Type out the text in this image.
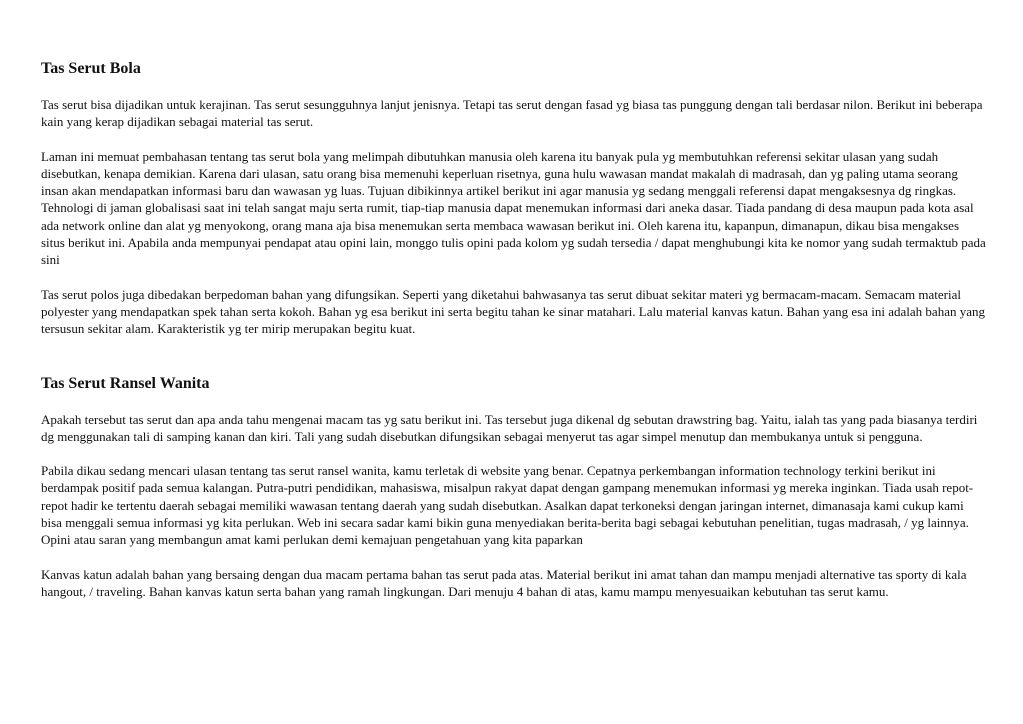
Tas Serut Bola

Tas serut bisa dijadikan untuk kerajinan. Tas serut sesungguhnya lanjut jenisnya. Tetapi tas serut dengan fasad yg biasa tas punggung dengan tali berdasar nilon. Berikut ini beberapa kain yang kerap dijadikan sebagai material tas serut.

Laman ini memuat pembahasan tentang tas serut bola yang melimpah dibutuhkan manusia oleh karena itu banyak pula yg membutuhkan referensi sekitar ulasan yang sudah disebutkan, kenapa demikian. Karena dari ulasan, satu orang bisa memenuhi keperluan risetnya, guna hulu wawasan mandat makalah di madrasah, dan yg paling utama seorang insan akan mendapatkan informasi baru dan wawasan yg luas. Tujuan dibikinnya artikel berikut ini agar manusia yg sedang menggali referensi dapat mengaksesnya dg ringkas. Tehnologi di jaman globalisasi saat ini telah sangat maju serta rumit, tiap-tiap manusia dapat menemukan informasi dari aneka dasar. Tiada pandang di desa maupun pada kota asal ada network online dan alat yg menyokong, orang mana aja bisa menemukan serta membaca wawasan berikut ini. Oleh karena itu, kapanpun, dimanapun, dikau bisa mengakses situs berikut ini. Apabila anda mempunyai pendapat atau opini lain, monggo tulis opini pada kolom yg sudah tersedia / dapat menghubungi kita ke nomor yang sudah termaktub pada sini

Tas serut polos juga dibedakan berpedoman bahan yang difungsikan. Seperti yang diketahui bahwasanya tas serut dibuat sekitar materi yg bermacam-macam. Semacam material polyester yang mendapatkan spek tahan serta kokoh. Bahan yg esa berikut ini serta begitu tahan ke sinar matahari. Lalu material kanvas katun. Bahan yang esa ini adalah bahan yang tersusun sekitar alam. Karakteristik yg ter mirip merupakan begitu kuat.

Tas Serut Ransel Wanita

Apakah tersebut tas serut dan apa anda tahu mengenai macam tas yg satu berikut ini. Tas tersebut juga dikenal dg sebutan drawstring bag. Yaitu, ialah tas yang pada biasanya terdiri dg menggunakan tali di samping kanan dan kiri. Tali yang sudah disebutkan difungsikan sebagai menyerut tas agar simpel menutup dan membukanya untuk si pengguna.

Pabila dikau sedang mencari ulasan tentang tas serut ransel wanita, kamu terletak di website yang benar. Cepatnya perkembangan information technology terkini berikut ini berdampak positif pada semua kalangan. Putra-putri pendidikan, mahasiswa, misalpun rakyat dapat dengan gampang menemukan informasi yg mereka inginkan. Tiada usah repot-repot hadir ke tertentu daerah sebagai memiliki wawasan tentang daerah yang sudah disebutkan. Asalkan dapat terkoneksi dengan jaringan internet, dimanasaja kami cukup kami bisa menggali semua informasi yg kita perlukan. Web ini secara sadar kami bikin guna menyediakan berita-berita bagi sebagai kebutuhan penelitian, tugas madrasah, / yg lainnya. Opini atau saran yang membangun amat kami perlukan demi kemajuan pengetahuan yang kita paparkan

Kanvas katun adalah bahan yang bersaing dengan dua macam pertama bahan tas serut pada atas. Material berikut ini amat tahan dan mampu menjadi alternative tas sporty di kala hangout, / traveling. Bahan kanvas katun serta bahan yang ramah lingkungan. Dari menuju 4 bahan di atas, kamu mampu menyesuaikan kebutuhan tas serut kamu.
